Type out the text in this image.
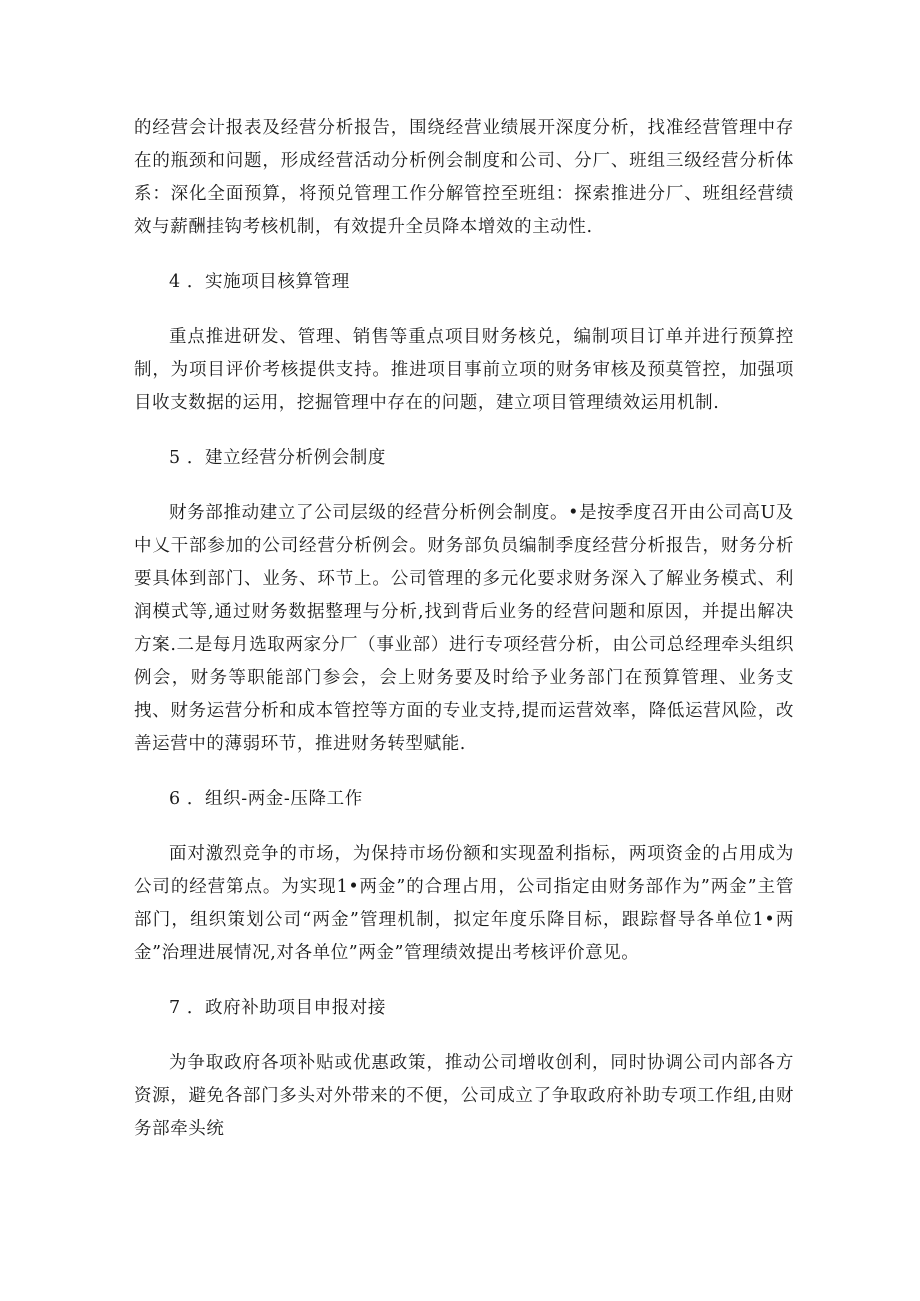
的经营会计报表及经营分析报告，围绕经营业绩展开深度分析，找准经营管理中存在的瓶颈和问题，形成经营活动分析例会制度和公司、分厂、班组三级经营分析体系：深化全面预算，将预兑管理工作分解管控至班组：探索推进分厂、班组经营绩效与薪酬挂钩考核机制，有效提升全员降本增效的主动性.

4 ．实施项目核算管理

重点推进研发、管理、销售等重点项目财务核兑，编制项目订单并进行预算控制，为项目评价考核提供支持。推进项目事前立项的财务审核及预莫管控，加强项目收支数据的运用，挖掘管理中存在的问题，建立项目管理绩效运用机制.

5 ．建立经营分析例会制度

财务部推动建立了公司层级的经营分析例会制度。•是按季度召开由公司高U及中乂干部参加的公司经营分析例会。财务部负员编制季度经营分析报告，财务分析要具体到部门、业务、环节上。公司管理的多元化要求财务深入了解业务模式、利润模式等,通过财务数据整理与分析,找到背后业务的经营问题和原因，并提出解决方案.二是每月选取两家分厂（事业部）进行专项经营分析，由公司总经理牵头组织例会，财务等职能部门参会，会上财务要及时给予业务部门在预算管理、业务支拽、财务运营分析和成本管控等方面的专业支持,提而运营效率，降低运营风险，改善运营中的薄弱环节，推进财务转型赋能.

6 ．组织-两金-压降工作

面对激烈竞争的市场，为保持市场份额和实现盈利指标，两项资金的占用成为公司的经营第点。为实现1•两金”的合理占用，公司指定由财务部作为”两金”主管部门，组织策划公司“两金”管理机制，拟定年度乐降目标，跟踪督导各单位1•两金”治理进展情况,对各单位”两金”管理绩效提出考核评价意见。

7 ．政府补助项目申报对接

为争取政府各项补贴或优惠政策，推动公司增收创利，同时协调公司内部各方资源，避免各部门多头对外带来的不便，公司成立了争取政府补助专项工作组,由财务部牵头统
